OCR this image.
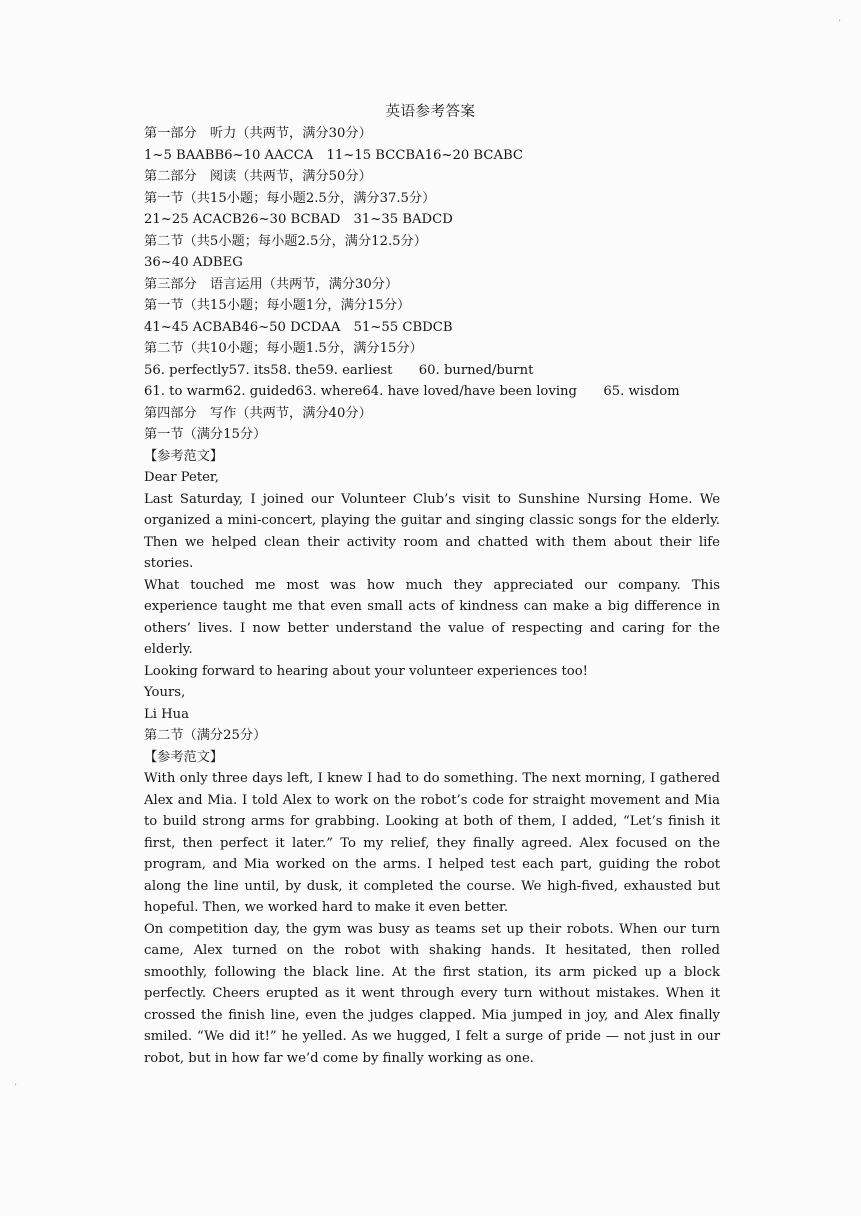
·
·
英语参考答案
第一部分　听力（共两节，满分30分）
1~5 BAABB6~10 AACCA　11~15 BCCBA16~20 BCABC
第二部分　阅读（共两节，满分50分）
第一节（共15小题；每小题2.5分，满分37.5分）
21~25 ACACB26~30 BCBAD　31~35 BADCD
第二节（共5小题；每小题2.5分，满分12.5分）
36~40 ADBEG
第三部分　语言运用（共两节，满分30分）
第一节（共15小题；每小题1分，满分15分）
41~45 ACBAB46~50 DCDAA　51~55 CBDCB
第二节（共10小题；每小题1.5分，满分15分）
56. perfectly57. its58. the59. earliest　　60. burned/burnt
61. to warm62. guided63. where64. have loved/have been loving　　65. wisdom
第四部分　写作（共两节，满分40分）
第一节（满分15分）
【参考范文】
Dear Peter,
Last Saturday, I joined our Volunteer Club’s visit to Sunshine Nursing Home. We organized a mini-concert, playing the guitar and singing classic songs for the elderly. Then we helped clean their activity room and chatted with them about their life stories.
What touched me most was how much they appreciated our company. This experience taught me that even small acts of kindness can make a big difference in others’ lives. I now better understand the value of respecting and caring for the elderly.
Looking forward to hearing about your volunteer experiences too!
Yours,
Li Hua
第二节（满分25分）
【参考范文】
With only three days left, I knew I had to do something. The next morning, I gathered Alex and Mia. I told Alex to work on the robot’s code for straight movement and Mia to build strong arms for grabbing. Looking at both of them, I added, “Let’s finish it first, then perfect it later.” To my relief, they finally agreed. Alex focused on the program, and Mia worked on the arms. I helped test each part, guiding the robot along the line until, by dusk, it completed the course. We high-fived, exhausted but hopeful. Then, we worked hard to make it even better.
On competition day, the gym was busy as teams set up their robots. When our turn came, Alex turned on the robot with shaking hands. It hesitated, then rolled smoothly, following the black line. At the first station, its arm picked up a block perfectly. Cheers erupted as it went through every turn without mistakes. When it crossed the finish line, even the judges clapped. Mia jumped in joy, and Alex finally smiled. “We did it!” he yelled. As we hugged, I felt a surge of pride — not just in our robot, but in how far we’d come by finally working as one.
